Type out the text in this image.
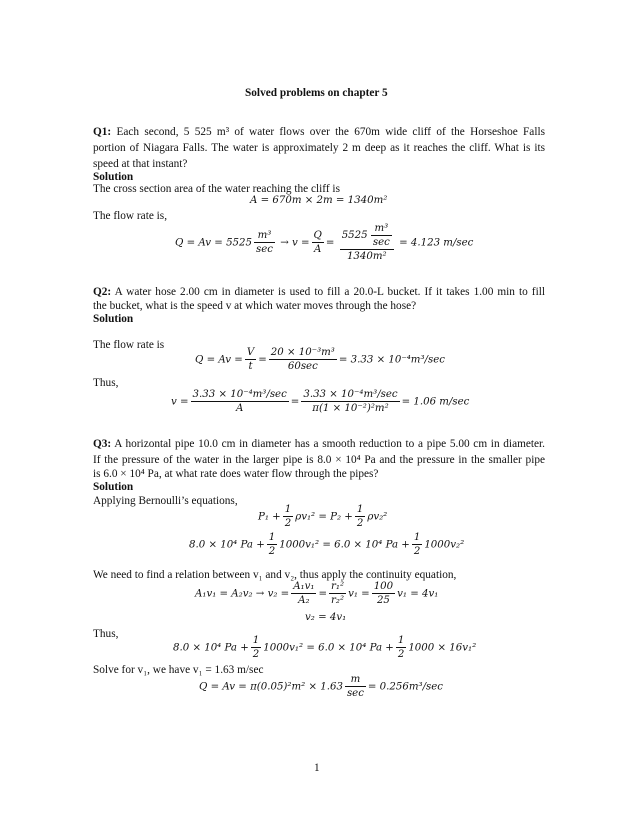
Solved problems on chapter 5
Q1: Each second, 5 525 m³ of water flows over the 670m wide cliff of the Horseshoe Falls
portion of Niagara Falls. The water is approximately 2 m deep as it reaches the cliff. What is its
speed at that instant?
Solution
The cross section area of the water reaching the cliff is
A = 670m × 2m = 1340m²
The flow rate is,
$Q = Av = 5525 \frac{\text{m³}}{\sec} \to v = \frac{Q}{A} = \frac{5525 \frac{\text{m³}}{\sec}}{\text{1340m²}} = 4.123$ m/sec
Q2: A water hose 2.00 cm in diameter is used to fill a 20.0-L bucket. If it takes 1.00 min to fill
the bucket, what is the speed v at which water moves through the hose?
Solution
The flow rate is
$Q = Av = \frac{V}{t} = \frac{\text{20 × 10⁻³m³}}{60\sec} = 3.33 \times 10^{-4}m^3/\sec$
Thus,
$v = \frac{\text{3.33 × 10⁻⁴m³/sec}}{A} = \frac{\text{3.33 × 10⁻⁴m³/sec}}{\text{π(1 × 10⁻²)²m²}} = 1.06$ m/sec
Q3: A horizontal pipe 10.0 cm in diameter has a smooth reduction to a pipe 5.00 cm in diameter.
If the pressure of the water in the larger pipe is 8.0 × 10⁴ Pa and the pressure in the smaller pipe
is 6.0 × 10⁴ Pa, at what rate does water flow through the pipes?
Solution
Applying Bernoulli’s equations,
$P_1 + \frac{1}{2} \rho v_1^2 = P_2 + \frac{1}{2} \rho v_2^2$
8.0 × 10⁴ $Pa + \frac{1}{2} 1000v_1^2 = 6.0 \times 10^4$ $Pa + \frac{1}{2} 1000v_2^2$
We need to find a relation between v₁ and v₂, thus apply the continuity equation,
$A_1v_1 = A_2v_2 \to v_2 = \frac{\text{A₁v₁}}{\text{A₂}} = \frac{\text{r₁²}}{\text{r₂²}} v_1 = \frac{100}{25} v_1 = 4v_1$
v₂ = 4v₁
Thus,
8.0 × 10⁴ $Pa + \frac{1}{2} 1000v_1^2 = 6.0 \times 10^4$ $Pa + \frac{1}{2} 1000 \times 16v_1^2$
Solve for v₁, we have v₁ = 1.63 m/sec
$Q = Av = \pi(0.05)^2m^2 \times 1.63 \frac{m}{\sec} = 0.256m^3/\sec$
1
